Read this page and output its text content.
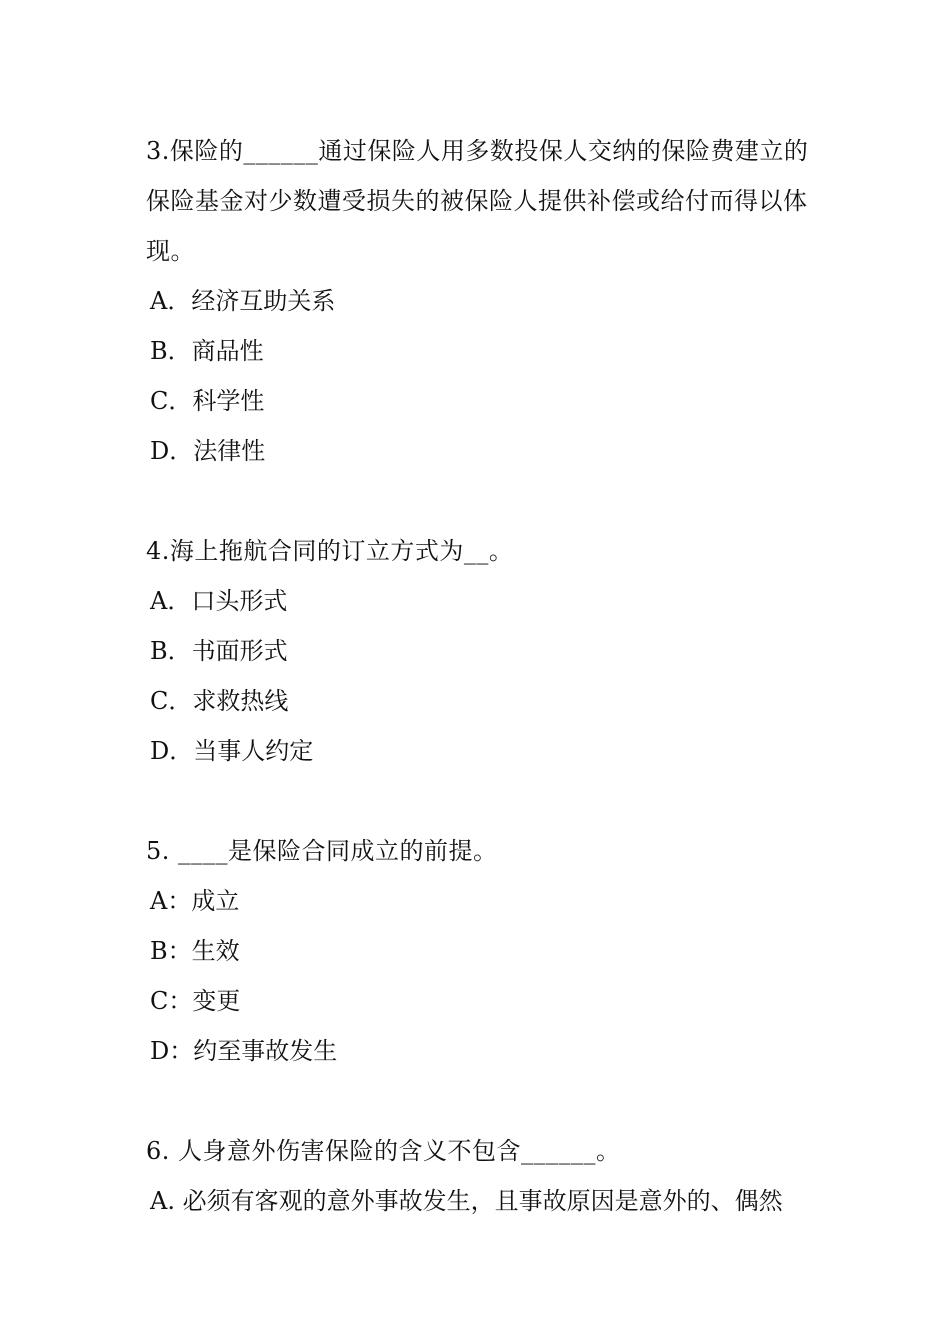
3.保险的______通过保险人用多数投保人交纳的保险费建立的保险基金对少数遭受损失的被保险人提供补偿或给付而得以体现。

A．经济互助关系
B．商品性
C．科学性
D．法律性

4.海上拖航合同的订立方式为__。

A．口头形式
B．书面形式
C．求救热线
D．当事人约定

5. ____是保险合同成立的前提。

A：成立
B：生效
C：变更
D：约至事故发生

6. 人身意外伤害保险的含义不包含______。

A. 必须有客观的意外事故发生，且事故原因是意外的、偶然
